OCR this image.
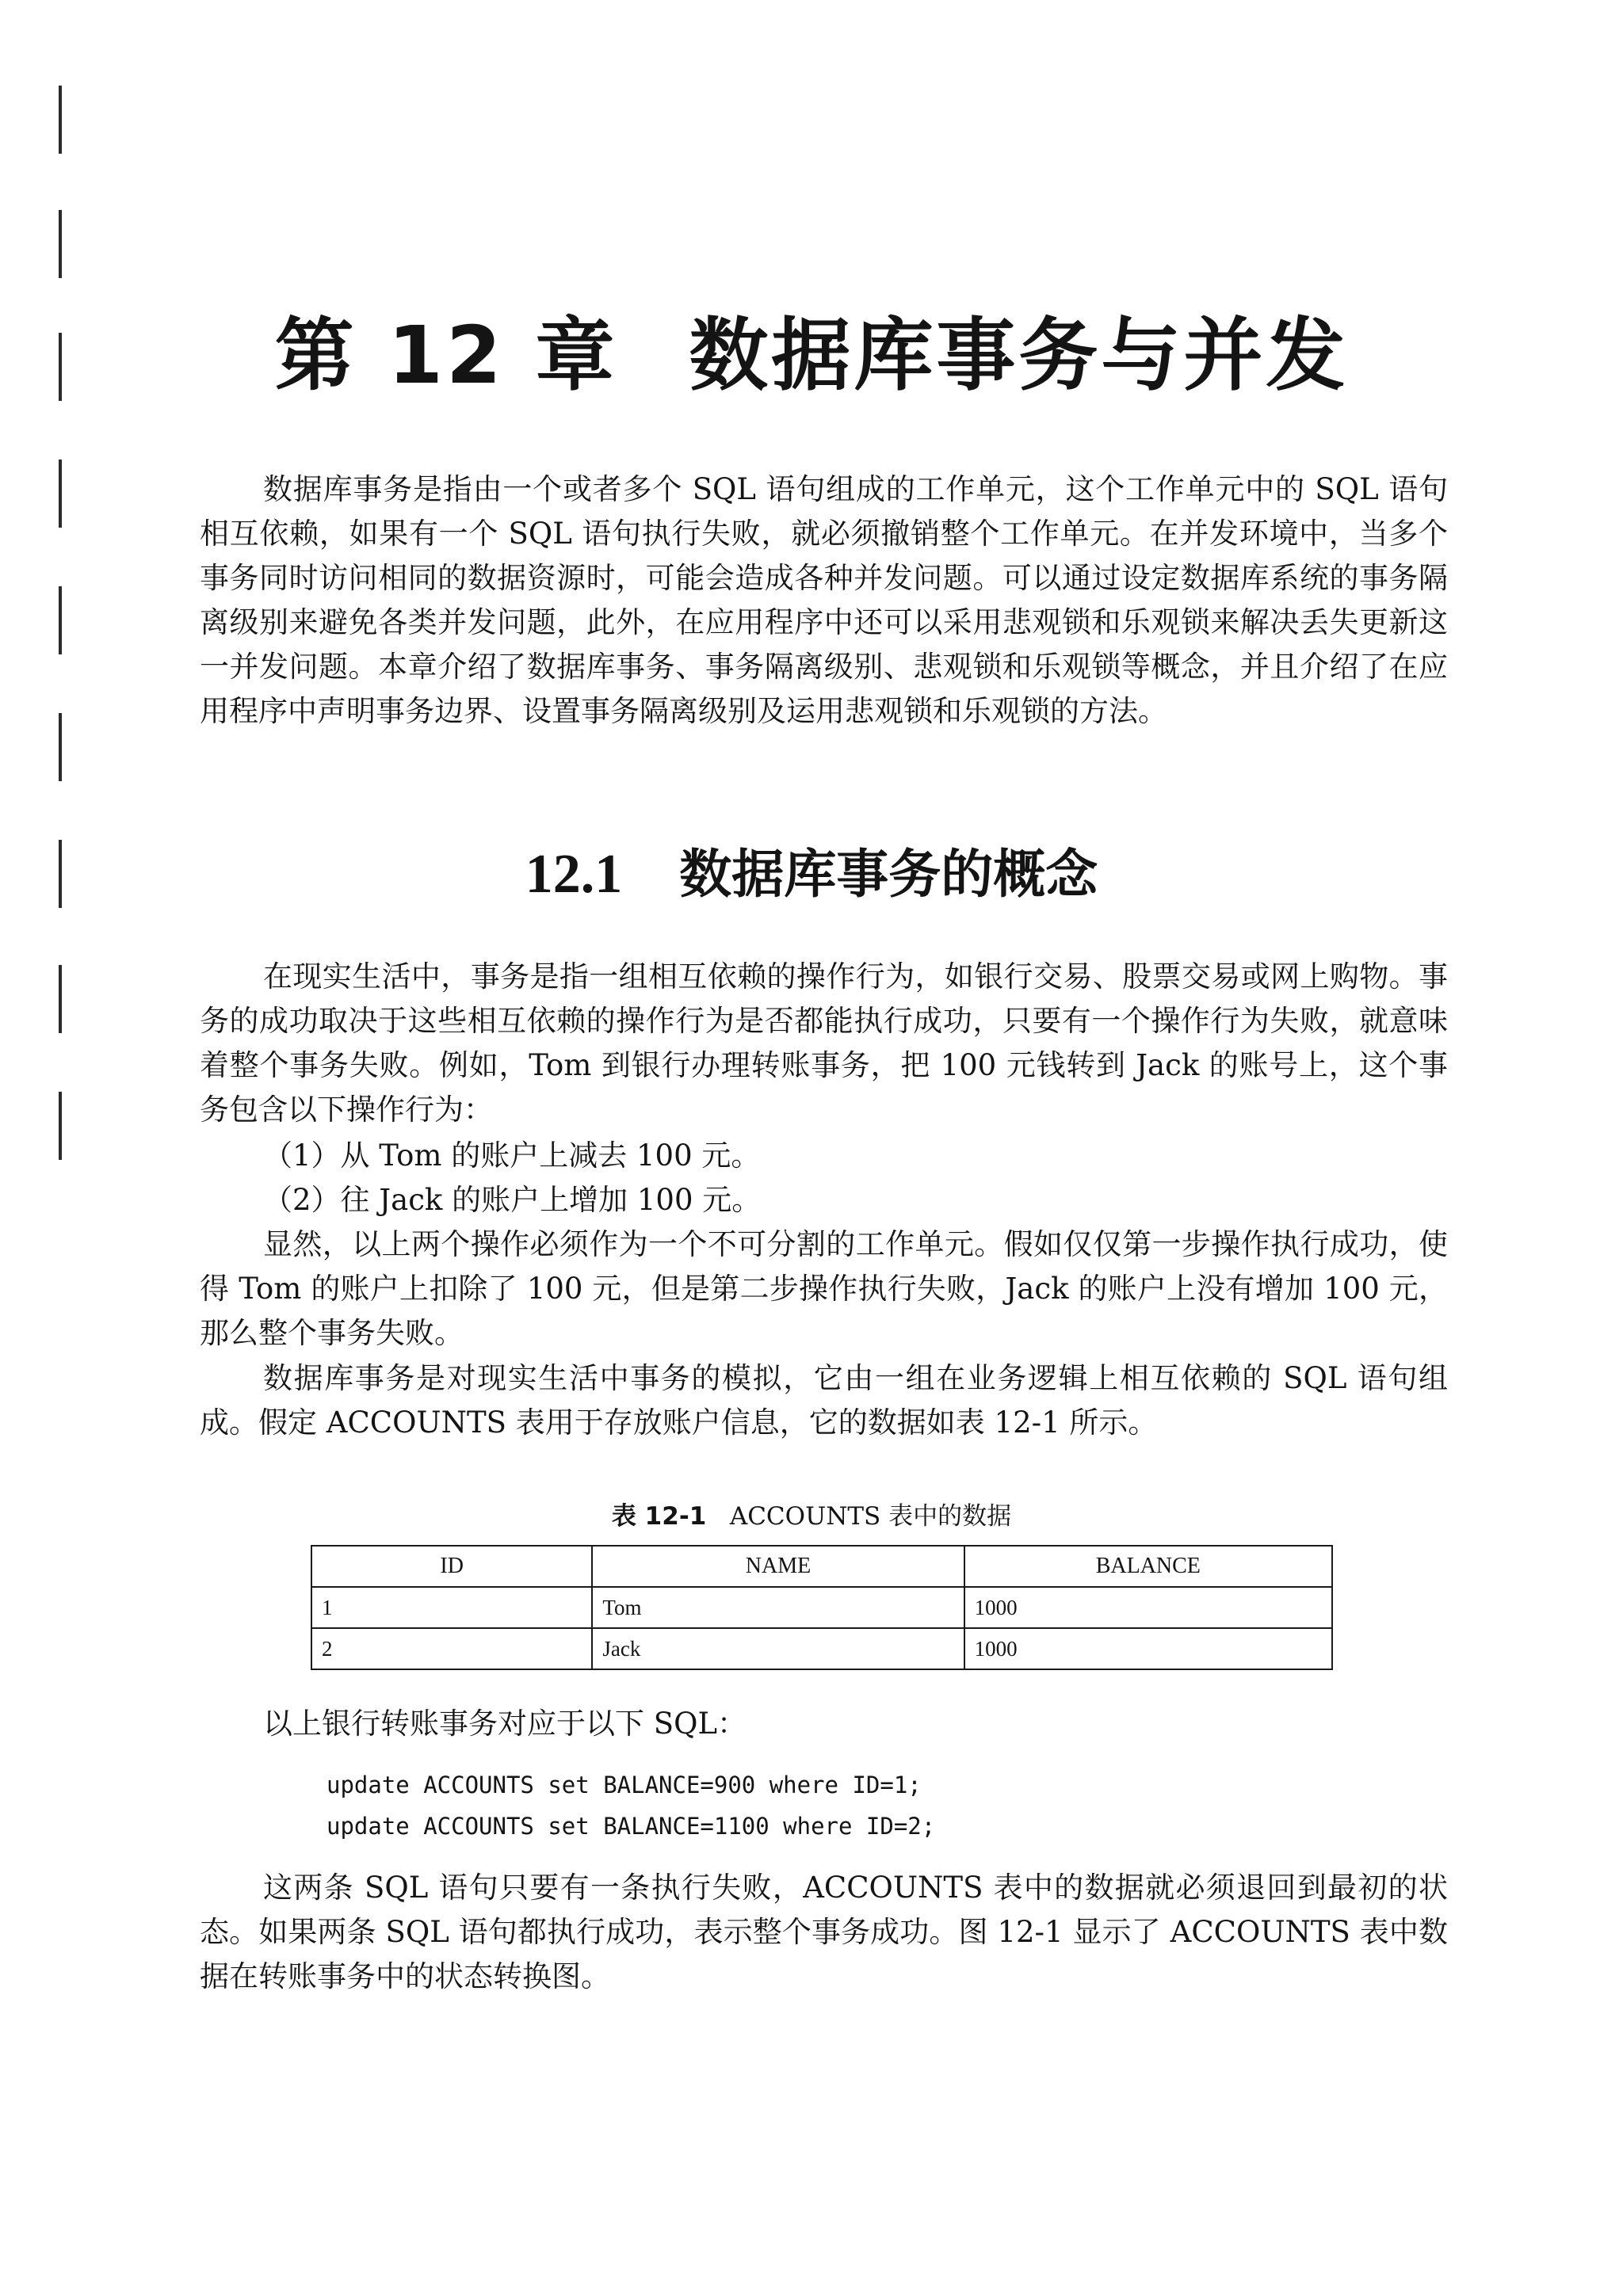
第 12 章 数据库事务与并发

数据库事务是指由一个或者多个 SQL 语句组成的工作单元，这个工作单元中的 SQL 语句相互依赖，如果有一个 SQL 语句执行失败，就必须撤销整个工作单元。在并发环境中，当多个事务同时访问相同的数据资源时，可能会造成各种并发问题。可以通过设定数据库系统的事务隔离级别来避免各类并发问题，此外，在应用程序中还可以采用悲观锁和乐观锁来解决丢失更新这一并发问题。本章介绍了数据库事务、事务隔离级别、悲观锁和乐观锁等概念，并且介绍了在应用程序中声明事务边界、设置事务隔离级别及运用悲观锁和乐观锁的方法。

12.1 数据库事务的概念

在现实生活中，事务是指一组相互依赖的操作行为，如银行交易、股票交易或网上购物。事务的成功取决于这些相互依赖的操作行为是否都能执行成功，只要有一个操作行为失败，就意味着整个事务失败。例如，Tom 到银行办理转账事务，把 100 元钱转到 Jack 的账号上，这个事务包含以下操作行为：

（1）从 Tom 的账户上减去 100 元。

（2）往 Jack 的账户上增加 100 元。

显然，以上两个操作必须作为一个不可分割的工作单元。假如仅仅第一步操作执行成功，使得 Tom 的账户上扣除了 100 元，但是第二步操作执行失败，Jack 的账户上没有增加 100 元，那么整个事务失败。

数据库事务是对现实生活中事务的模拟，它由一组在业务逻辑上相互依赖的 SQL 语句组成。假定 ACCOUNTS 表用于存放账户信息，它的数据如表 12-1 所示。

表 12-1 ACCOUNTS 表中的数据

ID	NAME	BALANCE
1	Tom	1000
2	Jack	1000

以上银行转账事务对应于以下 SQL：

update ACCOUNTS set BALANCE=900 where ID=1;
update ACCOUNTS set BALANCE=1100 where ID=2;

这两条 SQL 语句只要有一条执行失败，ACCOUNTS 表中的数据就必须退回到最初的状态。如果两条 SQL 语句都执行成功，表示整个事务成功。图 12-1 显示了 ACCOUNTS 表中数据在转账事务中的状态转换图。
